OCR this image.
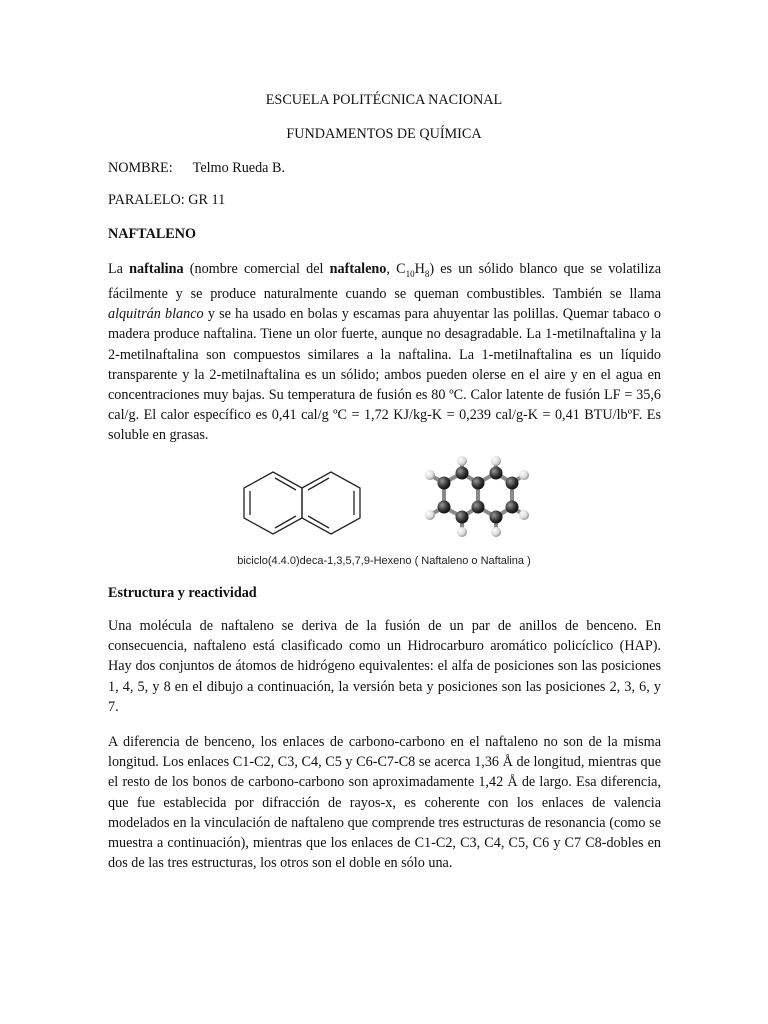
ESCUELA POLITÉCNICA NACIONAL
FUNDAMENTOS DE QUÍMICA
NOMBRE: Telmo Rueda B.
PARALELO: GR 11
NAFTALENO
La naftalina (nombre comercial del naftaleno, $C_{10}H_8$) es un sólido blanco que se volatiliza fácilmente y se produce naturalmente cuando se queman combustibles. También se llama alquitrán blanco y se ha usado en bolas y escamas para ahuyentar las polillas. Quemar tabaco o madera produce naftalina. Tiene un olor fuerte, aunque no desagradable. La 1-metilnaftalina y la 2-metilnaftalina son compuestos similares a la naftalina. La 1-metilnaftalina es un líquido transparente y la 2-metilnaftalina es un sólido; ambos pueden olerse en el aire y en el agua en concentraciones muy bajas. Su temperatura de fusión es 80 ºC. Calor latente de fusión LF = 35,6 cal/g. El calor específico es 0,41 cal/g ºC = 1,72 KJ/kg-K = 0,239 cal/g-K = 0,41 BTU/lbºF. Es soluble en grasas.
biciclo(4.4.0)deca-1,3,5,7,9-Hexeno ( Naftaleno o Naftalina )
Estructura y reactividad
Una molécula de naftaleno se deriva de la fusión de un par de anillos de benceno. En consecuencia, naftaleno está clasificado como un Hidrocarburo aromático policíclico (HAP). Hay dos conjuntos de átomos de hidrógeno equivalentes: el alfa de posiciones son las posiciones 1, 4, 5, y 8 en el dibujo a continuación, la versión beta y posiciones son las posiciones 2, 3, 6, y 7.
A diferencia de benceno, los enlaces de carbono-carbono en el naftaleno no son de la misma longitud. Los enlaces C1-C2, C3, C4, C5 y C6-C7-C8 se acerca 1,36 Å de longitud, mientras que el resto de los bonos de carbono-carbono son aproximadamente 1,42 Å de largo. Esa diferencia, que fue establecida por difracción de rayos-x, es coherente con los enlaces de valencia modelados en la vinculación de naftaleno que comprende tres estructuras de resonancia (como se muestra a continuación), mientras que los enlaces de C1-C2, C3, C4, C5, C6 y C7 C8-dobles en dos de las tres estructuras, los otros son el doble en sólo una.
